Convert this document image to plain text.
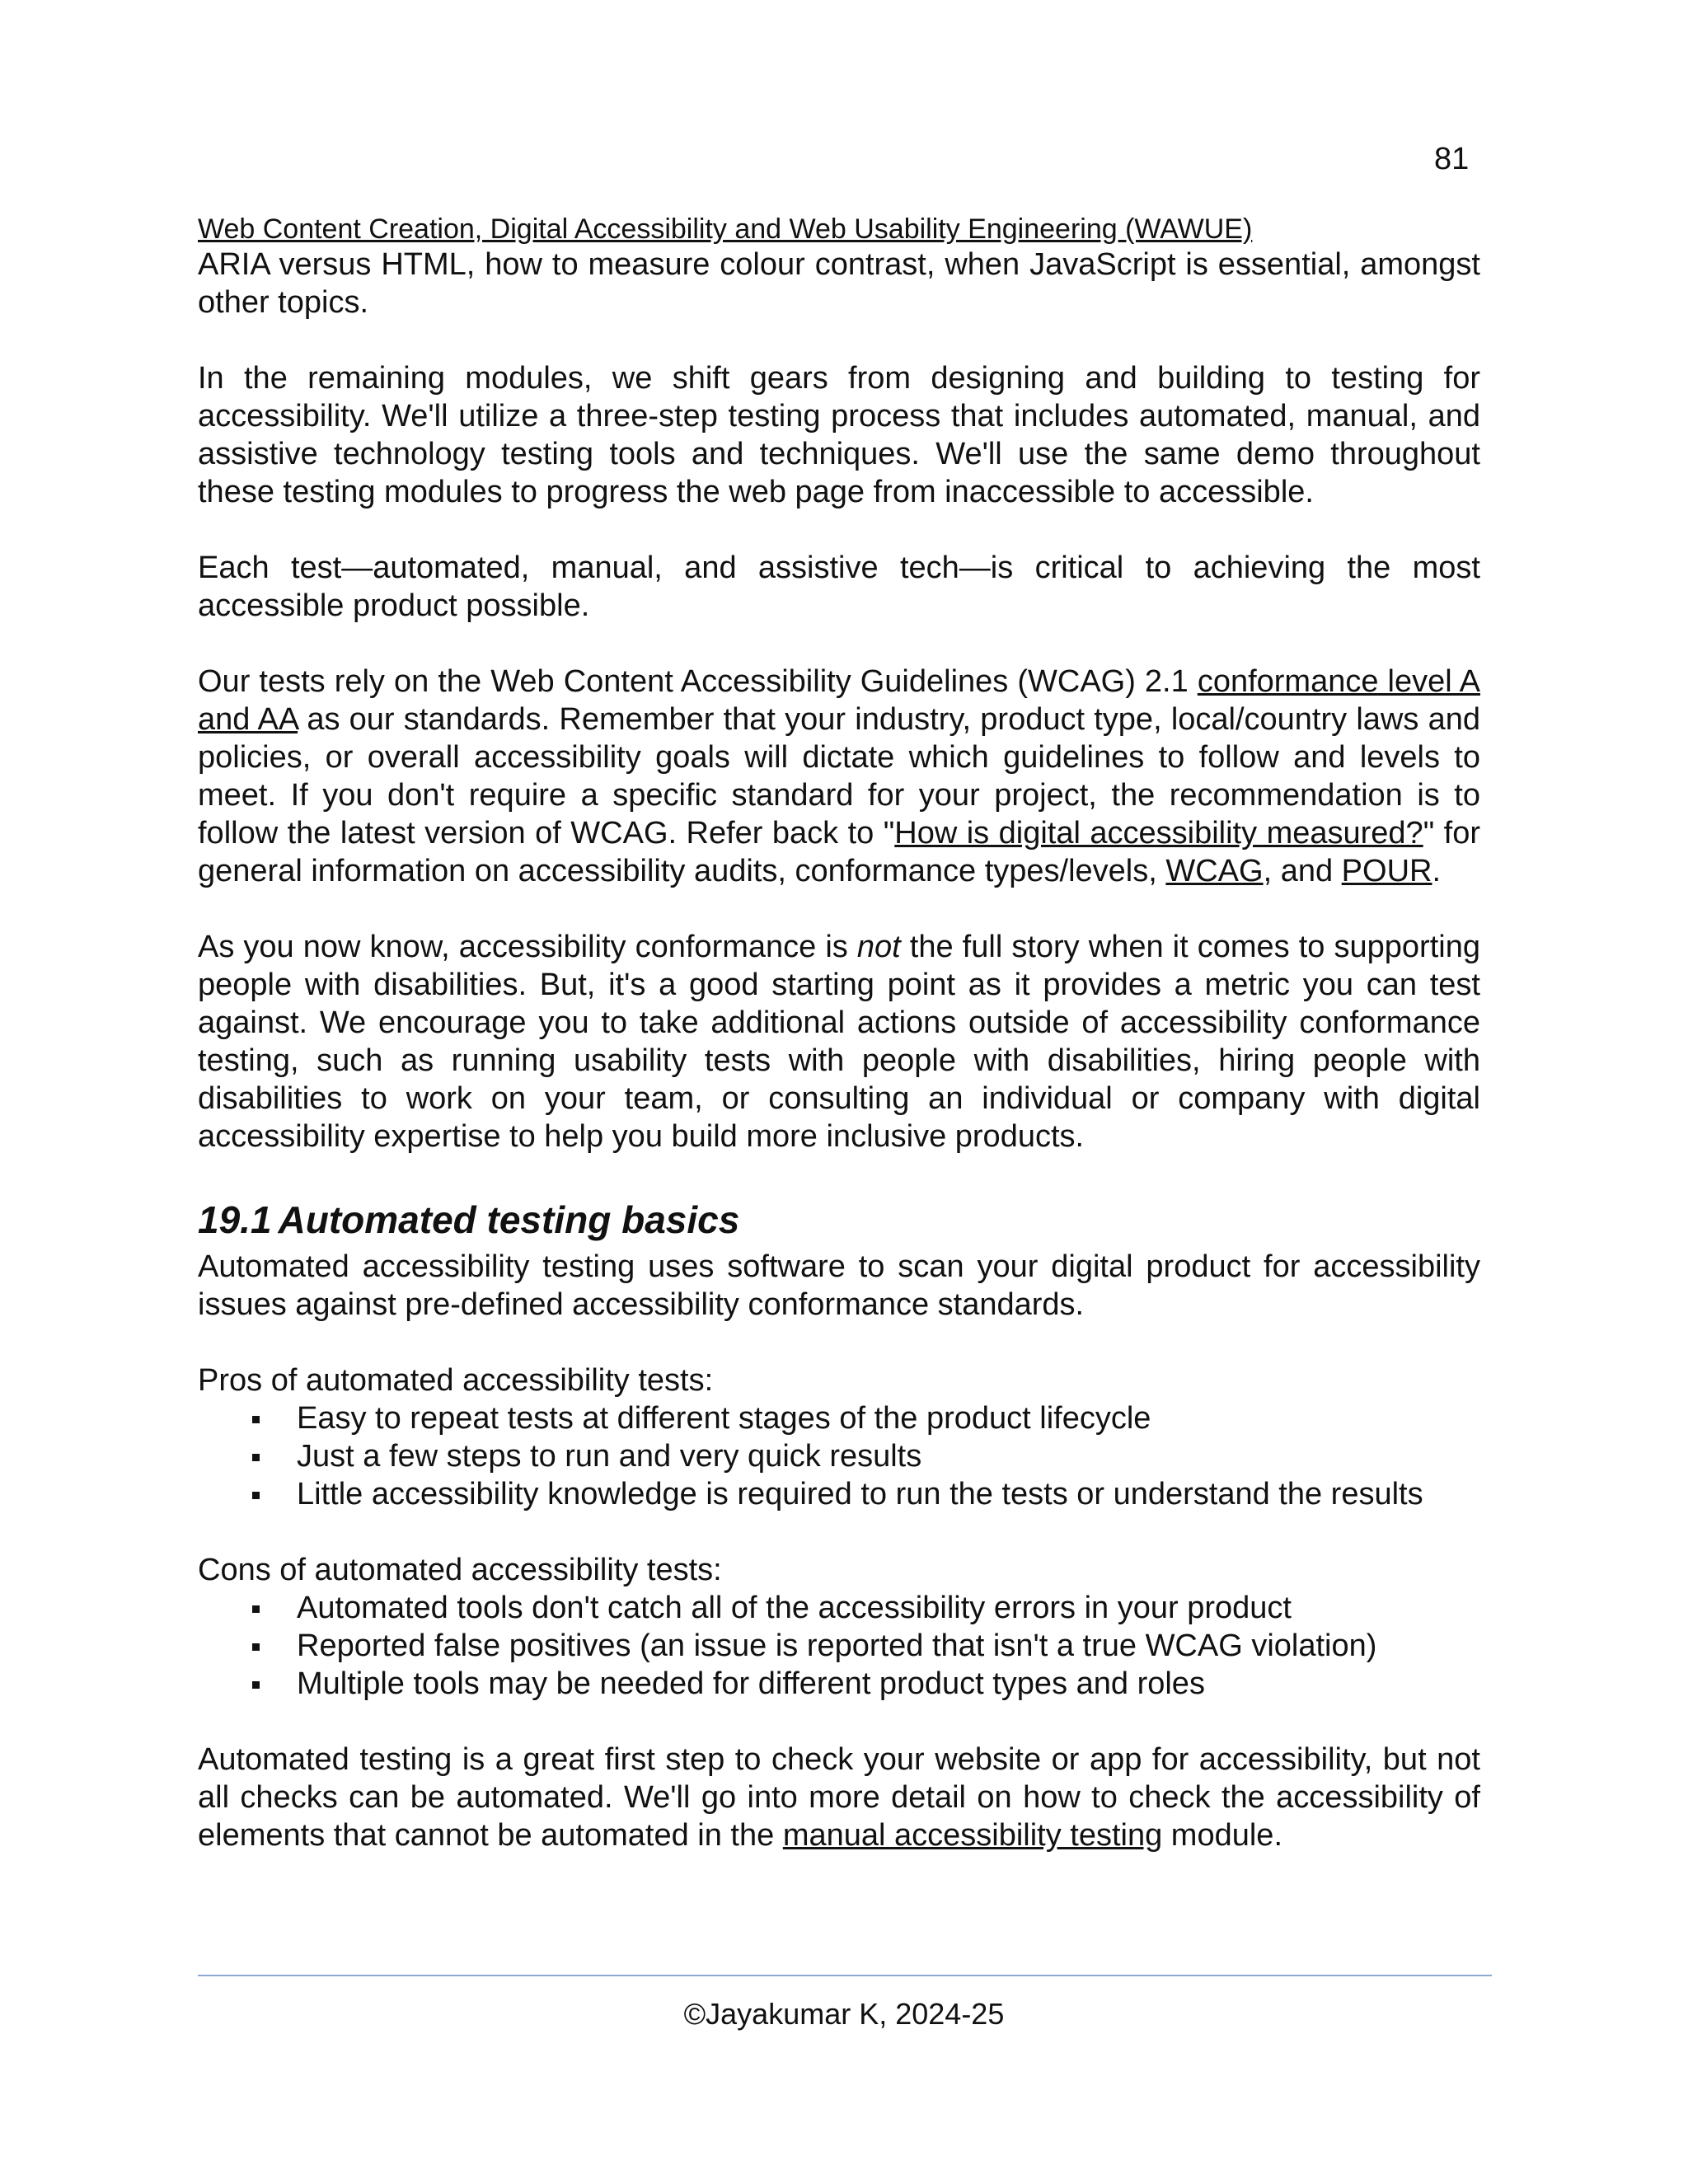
81

Web Content Creation, Digital Accessibility and Web Usability Engineering (WAWUE)

ARIA versus HTML, how to measure colour contrast, when JavaScript is essential, amongst other topics.

In the remaining modules, we shift gears from designing and building to testing for accessibility. We'll utilize a three-step testing process that includes automated, manual, and assistive technology testing tools and techniques. We'll use the same demo throughout these testing modules to progress the web page from inaccessible to accessible.

Each test—automated, manual, and assistive tech—is critical to achieving the most accessible product possible.

Our tests rely on the Web Content Accessibility Guidelines (WCAG) 2.1 conformance level A and AA as our standards. Remember that your industry, product type, local/country laws and policies, or overall accessibility goals will dictate which guidelines to follow and levels to meet. If you don't require a specific standard for your project, the recommendation is to follow the latest version of WCAG. Refer back to "How is digital accessibility measured?" for general information on accessibility audits, conformance types/levels, WCAG, and POUR.

As you now know, accessibility conformance is not the full story when it comes to supporting people with disabilities. But, it's a good starting point as it provides a metric you can test against. We encourage you to take additional actions outside of accessibility conformance testing, such as running usability tests with people with disabilities, hiring people with disabilities to work on your team, or consulting an individual or company with digital accessibility expertise to help you build more inclusive products.

19.1 Automated testing basics

Automated accessibility testing uses software to scan your digital product for accessibility issues against pre-defined accessibility conformance standards.

Pros of automated accessibility tests:

Easy to repeat tests at different stages of the product lifecycle
Just a few steps to run and very quick results
Little accessibility knowledge is required to run the tests or understand the results

Cons of automated accessibility tests:

Automated tools don't catch all of the accessibility errors in your product
Reported false positives (an issue is reported that isn't a true WCAG violation)
Multiple tools may be needed for different product types and roles

Automated testing is a great first step to check your website or app for accessibility, but not all checks can be automated. We'll go into more detail on how to check the accessibility of elements that cannot be automated in the manual accessibility testing module.

©Jayakumar K, 2024-25
